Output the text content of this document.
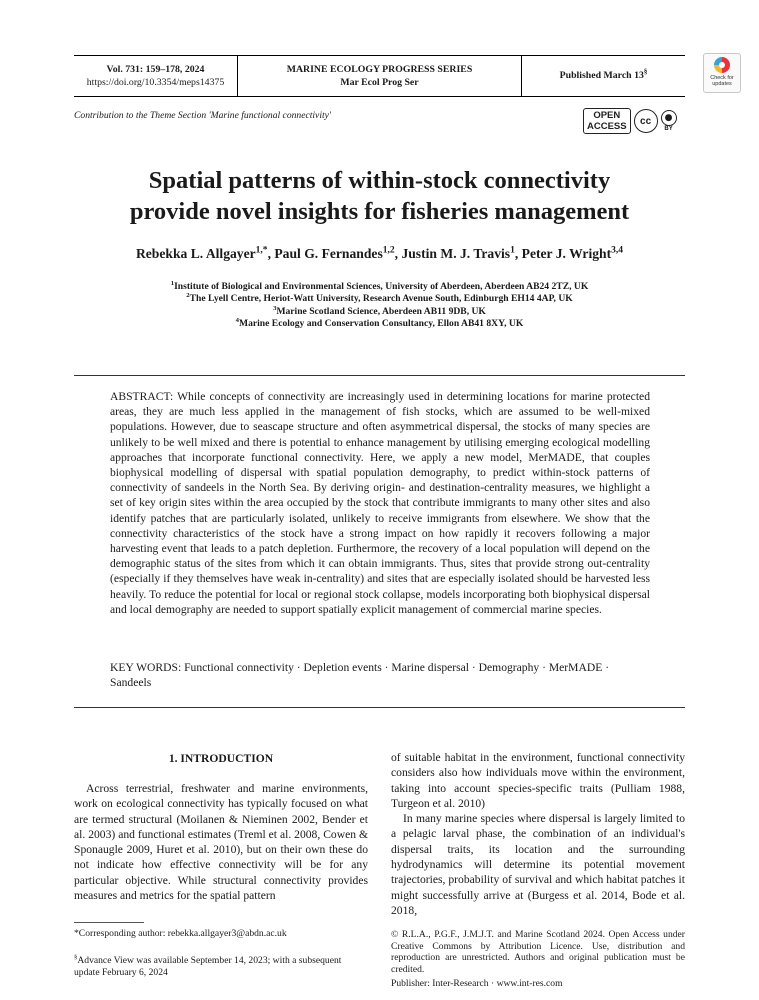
Vol. 731: 159–178, 2024
https://doi.org/10.3354/meps14375
MARINE ECOLOGY PROGRESS SERIES
Mar Ecol Prog Ser
Published March 13§
Check for updates
Contribution to the Theme Section 'Marine functional connectivity'	OPEN
ACCESS	cc	●
BY
Spatial patterns of within-stock connectivity
provide novel insights for fisheries management
Rebekka L. Allgayer$^{1,*}$, Paul G. Fernandes$^{1,2}$, Justin M. J. Travis$^1$, Peter J. Wright$^{3,4}$
$^1$Institute of Biological and Environmental Sciences, University of Aberdeen, Aberdeen AB24 2TZ, UK
$^2$The Lyell Centre, Heriot-Watt University, Research Avenue South, Edinburgh EH14 4AP, UK
$^3$Marine Scotland Science, Aberdeen AB11 9DB, UK
$^4$Marine Ecology and Conservation Consultancy, Ellon AB41 8XY, UK
ABSTRACT: While concepts of connectivity are increasingly used in determining locations for marine protected areas, they are much less applied in the management of fish stocks, which are assumed to be well-mixed populations. However, due to seascape structure and often asymmetrical dispersal, the stocks of many species are unlikely to be well mixed and there is potential to enhance management by utilising emerging ecological modelling approaches that incorporate functional connectivity. Here, we apply a new model, MerMADE, that couples biophysical modelling of dispersal with spatial population demography, to predict within-stock patterns of connectivity of sandeels in the North Sea. By deriving origin- and destination-centrality measures, we highlight a set of key origin sites within the area occupied by the stock that contribute immigrants to many other sites and also identify patches that are particularly isolated, unlikely to receive immigrants from elsewhere. We show that the connectivity characteristics of the stock have a strong impact on how rapidly it recovers following a major harvesting event that leads to a patch depletion. Furthermore, the recovery of a local population will depend on the demographic status of the sites from which it can obtain immigrants. Thus, sites that provide strong out-centrality (especially if they themselves have weak in-centrality) and sites that are especially isolated should be harvested less heavily. To reduce the potential for local or regional stock collapse, models incorporating both biophysical dispersal and local demography are needed to support spatially explicit management of commercial marine species.
KEY WORDS: Functional connectivity · Depletion events · Marine dispersal · Demography · MerMADE · Sandeels
1. INTRODUCTION
Across terrestrial, freshwater and marine environments, work on ecological connectivity has typically focused on what are termed structural (Moilanen & Nieminen 2002, Bender et al. 2003) and functional estimates (Treml et al. 2008, Cowen & Sponaugle 2009, Huret et al. 2010), but on their own these do not indicate how effective connectivity will be for any particular objective. While structural connectivity provides measures and metrics for the spatial pattern
*Corresponding author: rebekka.allgayer3@abdn.ac.uk
§Advance View was available September 14, 2023; with a subsequent update February 6, 2024

of suitable habitat in the environment, functional connectivity considers also how individuals move within the environment, taking into account species-specific traits (Pulliam 1988, Turgeon et al. 2010)

In many marine species where dispersal is largely limited to a pelagic larval phase, the combination of an individual's dispersal traits, its location and the surrounding hydrodynamics will determine its potential movement trajectories, probability of survival and which habitat patches it might successfully arrive at (Burgess et al. 2014, Bode et al. 2018,

© R.L.A., P.G.F., J.M.J.T. and Marine Scotland 2024. Open Access under Creative Commons by Attribution Licence. Use, distribution and reproduction are unrestricted. Authors and original publication must be credited.
Publisher: Inter-Research · www.int-res.com
